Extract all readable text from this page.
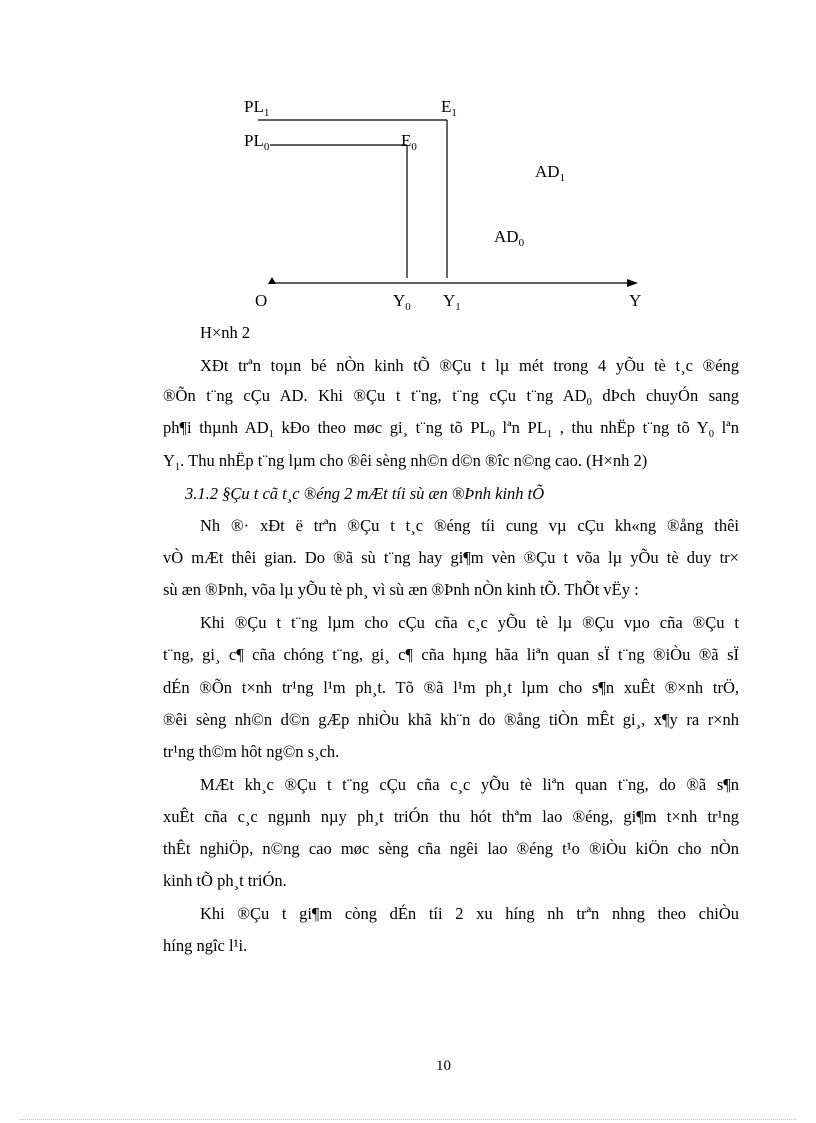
$PL_1$
$PL_0$
$E_1$
$E_0$
$AD_1$
$AD_0$
O	$Y_0$ $Y_1$	Y
H×nh 2
XÐt trªn toµn bé nÒn kinh tÕ ®Çu t lµ mét trong 4 yÕu tè t¸c ®éng
®Õn t¨ng cÇu AD. Khi ®Çu t t¨ng, t¨ng cÇu t¨ng $AD_0$ dÞch chuyÓn sang
ph¶i thµnh $AD_1$ kÐo theo møc gi¸ t¨ng tõ $PL_0$ lªn $PL_1$ , thu nhËp t¨ng tõ $Y_0$ lªn
$Y_1$. Thu nhËp t¨ng lµm cho ®êi sèng nh©n d©n ®îc n©ng cao. (H×nh 2)
3.1.2 §Çu t cã t¸c ®éng 2 mÆt tíi sù æn ®Þnh kinh tÕ
Nh ®· xÐt ë trªn ®Çu t t¸c ®éng tíi cung vµ cÇu kh«ng ®ång thêi
vÒ mÆt thêi gian. Do ®ã sù t¨ng hay gi¶m vèn ®Çu t võa lµ yÕu tè duy tr×
sù æn ®Þnh, võa lµ yÕu tè ph¸ vì sù æn ®Þnh nÒn kinh tÕ. ThÕt vËy :
Khi ®Çu t t¨ng lµm cho cÇu cña c¸c yÕu tè lµ ®Çu vµo cña ®Çu t
t¨ng, gi¸ c¶ cña chóng t¨ng, gi¸ c¶ cña hµng hãa liªn quan sÏ t¨ng ®iÒu ®ã sÏ
dÉn ®Õn t×nh tr¹ng l¹m ph¸t. Tõ ®ã l¹m ph¸t lµm cho s¶n xuÊt ®×nh trÖ,
®êi sèng nh©n d©n gÆp nhiÒu khã kh¨n do ®ång tiÒn mÊt gi¸, x¶y ra r×nh
tr¹ng th©m hôt ng©n s¸ch.
MÆt kh¸c ®Çu t t¨ng cÇu cña c¸c yÕu tè liªn quan t¨ng, do ®ã s¶n
xuÊt cña c¸c ngµnh nµy ph¸t triÓn thu hót thªm lao ®éng, gi¶m t×nh tr¹ng
thÊt nghiÖp, n©ng cao møc sèng cña ngêi lao ®éng t¹o ®iÒu kiÖn cho nÒn
kinh tÕ ph¸t triÓn.
Khi ®Çu t gi¶m còng dÉn tíi 2 xu híng nh trªn nhng theo chiÒu
híng ngîc l¹i.
10
